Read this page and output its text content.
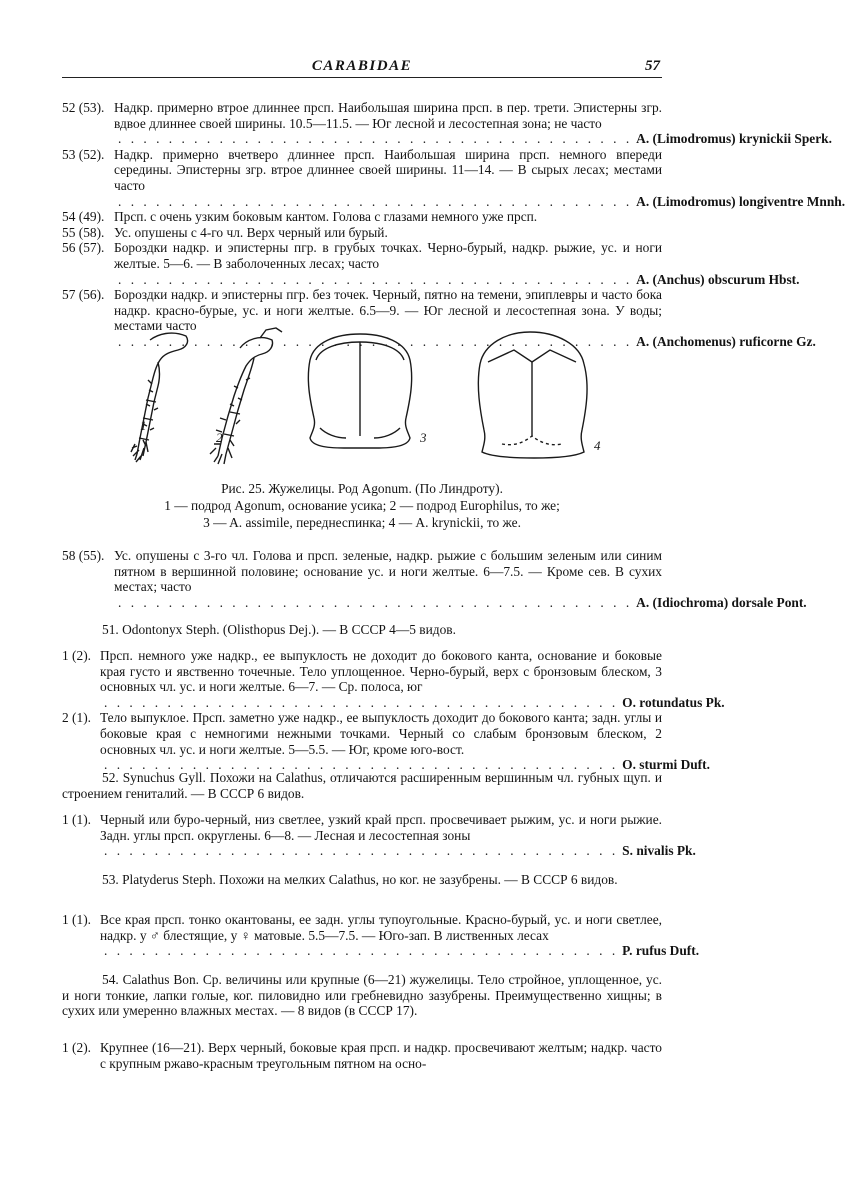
CARABIDAE	57
52 (53). Надкр. примерно втрое длиннее прсп. Наибольшая ширина прсп. в пер. трети. Эпистерны згр. вдвое длиннее своей ширины. 10.5—11.5. — Юг лесной и лесостепная зона; не часто
. . . . . . . . . . . . . . . . . . . . . . . . . . . . . . . . . . . . . . . . . A. (Limodromus) krynickii Sperk.
53 (52). Надкр. примерно вчетверо длиннее прсп. Наибольшая ширина прсп. немного впереди середины. Эпистерны згр. втрое длиннее своей ширины. 11—14. — В сырых лесах; местами часто
. . . . . . . . . . . . . . . . . . . . . . . . . . . . . . . . . . . . . . . . . A. (Limodromus) longiventre Mnnh.
54 (49). Прсп. с очень узким боковым кантом. Голова с глазами немного уже прсп.
55 (58). Ус. опушены с 4-го чл. Верх черный или бурый.
56 (57). Бороздки надкр. и эпистерны пгр. в грубых точках. Черно-бурый, надкр. рыжие, ус. и ноги желтые. 5—6. — В заболоченных лесах; часто
. . . . . . . . . . . . . . . . . . . . . . . . . . . . . . . . . . . . . . . . . A. (Anchus) obscurum Hbst.
57 (56). Бороздки надкр. и эпистерны пгр. без точек. Черный, пятно на темени, эпиплевры и часто бока надкр. красно-бурые, ус. и ноги желтые. 6.5—9. — Юг лесной и лесостепная зона. У воды; местами часто
. . . . . . . . . . . . . . . . . . . . . . . . . . . . . . . . . . . . . . . . . A. (Anchomenus) ruficorne Gz.
1
2	3
4
Рис. 25. Жужелицы. Род Agonum. (По Линдроту).
1 — подрод Agonum, основание усика; 2 — подрод Europhilus, то же;
3 — A. assimile, переднеспинка; 4 — A. krynickii, то же.
58 (55). Ус. опушены с 3-го чл. Голова и прсп. зеленые, надкр. рыжие с большим зеленым или синим пятном в вершинной половине; основание ус. и ноги желтые. 6—7.5. — Кроме сев. В сухих местах; часто
. . . . . . . . . . . . . . . . . . . . . . . . . . . . . . . . . . . . . . . . . A. (Idiochroma) dorsale Pont.
51. Odontonyx Steph. (Olisthopus Dej.). — В СССР 4—5 видов.
1 (2). Прсп. немного уже надкр., ее выпуклость не доходит до бокового канта, основание и боковые края густо и явственно точечные. Тело уплощенное. Черно-бурый, верх с бронзовым блеском, 3 основных чл. ус. и ноги желтые. 6—7. — Ср. полоса, юг
. . . . . . . . . . . . . . . . . . . . . . . . . . . . . . . . . . . . . . . . . O. rotundatus Pk.
2 (1). Тело выпуклое. Прсп. заметно уже надкр., ее выпуклость доходит до бокового канта; задн. углы и боковые края с немногими нежными точками. Черный со слабым бронзовым блеском, 2 основных чл. ус. и ноги желтые. 5—5.5. — Юг, кроме юго-вост.
. . . . . . . . . . . . . . . . . . . . . . . . . . . . . . . . . . . . . . . . . O. sturmi Duft.
52. Synuchus Gyll. Похожи на Calathus, отличаются расширенным вершинным чл. губных щуп. и строением гениталий. — В СССР 6 видов.
1 (1). Черный или буро-черный, низ светлее, узкий край прсп. просвечивает рыжим, ус. и ноги рыжие. Задн. углы прсп. округлены. 6—8. — Лесная и лесостепная зоны
. . . . . . . . . . . . . . . . . . . . . . . . . . . . . . . . . . . . . . . . . S. nivalis Pk.
53. Platyderus Steph. Похожи на мелких Calathus, но ког. не зазубрены. — В СССР 6 видов.
1 (1). Все края прсп. тонко окантованы, ее задн. углы тупоугольные. Красно-бурый, ус. и ноги светлее, надкр. у ♂ блестящие, у ♀ матовые. 5.5—7.5. — Юго-зап. В лиственных лесах
. . . . . . . . . . . . . . . . . . . . . . . . . . . . . . . . . . . . . . . . . P. rufus Duft.
54. Calathus Bon. Ср. величины или крупные (6—21) жужелицы. Тело стройное, уплощенное, ус. и ноги тонкие, лапки голые, ког. пиловидно или гребневидно зазубрены. Преимущественно хищны; в сухих или умеренно влажных местах. — 8 видов (в СССР 17).
1 (2). Крупнее (16—21). Верх черный, боковые края прсп. и надкр. просвечивают желтым; надкр. часто с крупным ржаво-красным треугольным пятном на осно-
